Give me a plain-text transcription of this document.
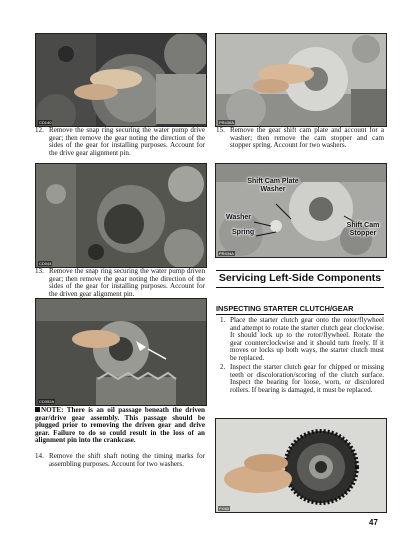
CD140
12. Remove the snap ring securing the water pump drive gear; then remove the gear noting the direction of the sides of the gear for installing purposes. Account for the drive gear alignment pin.
PR436A
15. Remove the gear shift cam plate and account for a washer; then remove the cam stopper and cam stopper spring. Account for two washers.
CD044
13. Remove the snap ring securing the water pump driven gear; then remove the gear noting the direction of the sides of the gear for installing purposes. Account for the driven gear alignment pin.
Shift Cam Plate
Washer
Washer
Spring
Shift Cam
Stopper
PR434A
Servicing Left-Side Components
INSPECTING STARTER CLUTCH/GEAR
1. Place the starter clutch gear onto the rotor/flywheel and attempt to rotate the starter clutch gear clockwise. It should lock up to the rotor/flywheel. Rotate the gear counterclockwise and it should turn freely. If it moves or locks up both ways, the starter clutch must be replaced.
2. Inspect the starter clutch gear for chipped or missing teeth or discoloration/scoring of the clutch surface. Inspect the bearing for loose, worn, or discolored rollers. If bearing is damaged, it must be replaced.
CD052A
NOTE: There is an oil passage beneath the driven gear/drive gear assembly. This passage should be plugged prior to removing the driven gear and drive gear. Failure to do so could result in the loss of an alignment pin into the crankcase.
14. Remove the shift shaft noting the timing marks for assembling purposes. Account for two washers.
FI065
47
